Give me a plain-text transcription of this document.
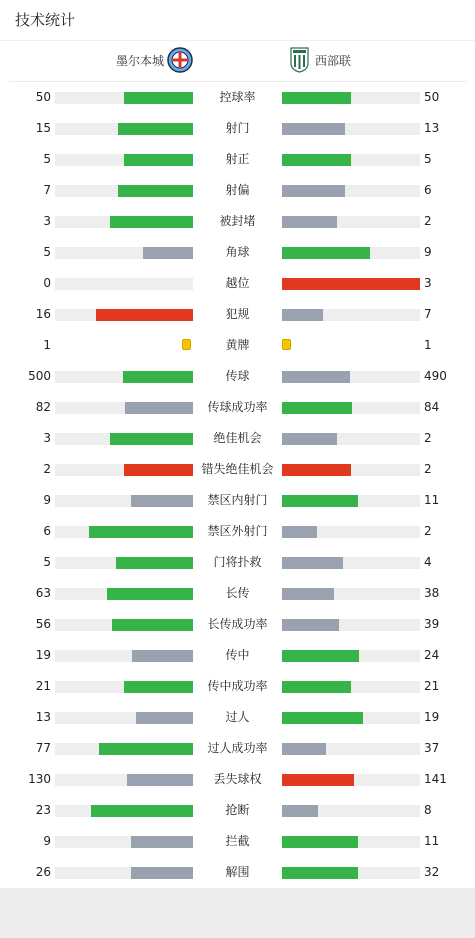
技术统计
墨尔本城	西部联
50	控球率	50
15	射门	13
5	射正	5
7	射偏	6
3	被封堵	2
5	角球	9
0	越位	3
16	犯规	7
1	黄牌	1
500	传球	490
82	传球成功率	84
3	绝佳机会	2
2	错失绝佳机会	2
9	禁区内射门	11
6	禁区外射门	2
5	门将扑救	4
63	长传	38
56	长传成功率	39
19	传中	24
21	传中成功率	21
13	过人	19
77	过人成功率	37
130	丢失球权	141
23	抢断	8
9	拦截	11
26	解围	32
